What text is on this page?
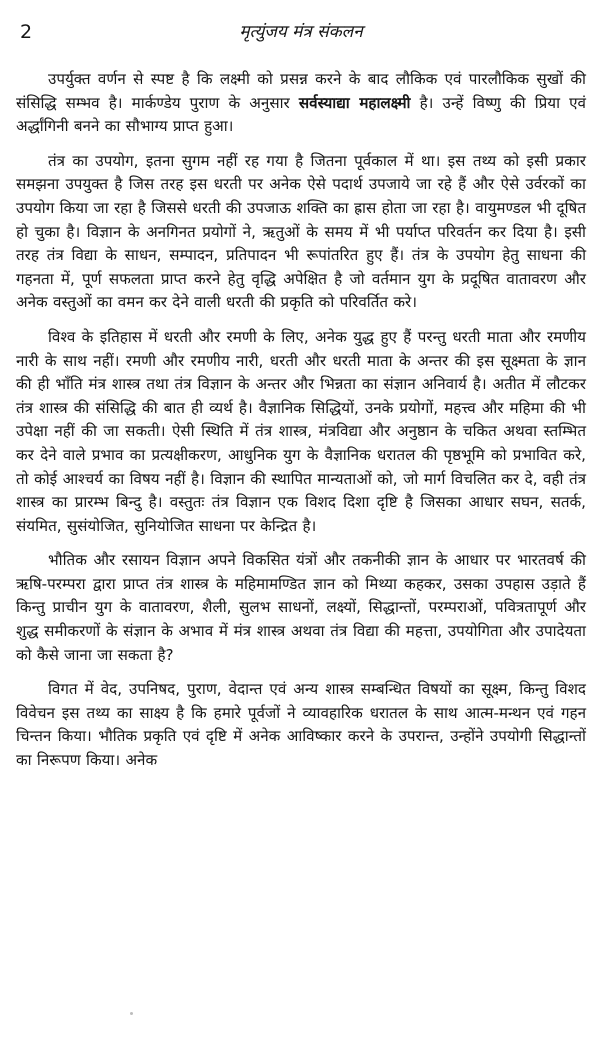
2	मृत्युंजय मंत्र संकलन

उपर्युक्त वर्णन से स्पष्ट है कि लक्ष्मी को प्रसन्न करने के बाद लौकिक एवं पारलौकिक सुखों की संसिद्धि सम्भव है। मार्कण्डेय पुराण के अनुसार सर्वस्याद्या महालक्ष्मी है। उन्हें विष्णु की प्रिया एवं अर्द्धांगिनी बनने का सौभाग्य प्राप्त हुआ।

तंत्र का उपयोग, इतना सुगम नहीं रह गया है जितना पूर्वकाल में था। इस तथ्य को इसी प्रकार समझना उपयुक्त है जिस तरह इस धरती पर अनेक ऐसे पदार्थ उपजाये जा रहे हैं और ऐसे उर्वरकों का उपयोग किया जा रहा है जिससे धरती की उपजाऊ शक्ति का ह्रास होता जा रहा है। वायुमण्डल भी दूषित हो चुका है। विज्ञान के अनगिनत प्रयोगों ने, ऋतुओं के समय में भी पर्याप्त परिवर्तन कर दिया है। इसी तरह तंत्र विद्या के साधन, सम्पादन, प्रतिपादन भी रूपांतरित हुए हैं। तंत्र के उपयोग हेतु साधना की गहनता में, पूर्ण सफलता प्राप्त करने हेतु वृद्धि अपेक्षित है जो वर्तमान युग के प्रदूषित वातावरण और अनेक वस्तुओं का वमन कर देने वाली धरती की प्रकृति को परिवर्तित करे।

विश्व के इतिहास में धरती और रमणी के लिए, अनेक युद्ध हुए हैं परन्तु धरती माता और रमणीय नारी के साथ नहीं। रमणी और रमणीय नारी, धरती और धरती माता के अन्तर की इस सूक्ष्मता के ज्ञान की ही भाँति मंत्र शास्त्र तथा तंत्र विज्ञान के अन्तर और भिन्नता का संज्ञान अनिवार्य है। अतीत में लौटकर तंत्र शास्त्र की संसिद्धि की बात ही व्यर्थ है। वैज्ञानिक सिद्धियों, उनके प्रयोगों, महत्त्व और महिमा की भी उपेक्षा नहीं की जा सकती। ऐसी स्थिति में तंत्र शास्त्र, मंत्रविद्या और अनुष्ठान के चकित अथवा स्तम्भित कर देने वाले प्रभाव का प्रत्यक्षीकरण, आधुनिक युग के वैज्ञानिक धरातल की पृष्ठभूमि को प्रभावित करे, तो कोई आश्चर्य का विषय नहीं है। विज्ञान की स्थापित मान्यताओं को, जो मार्ग विचलित कर दे, वही तंत्र शास्त्र का प्रारम्भ बिन्दु है। वस्तुतः तंत्र विज्ञान एक विशद दिशा दृष्टि है जिसका आधार सघन, सतर्क, संयमित, सुसंयोजित, सुनियोजित साधना पर केन्द्रित है।

भौतिक और रसायन विज्ञान अपने विकसित यंत्रों और तकनीकी ज्ञान के आधार पर भारतवर्ष की ऋषि-परम्परा द्वारा प्राप्त तंत्र शास्त्र के महिमामण्डित ज्ञान को मिथ्या कहकर, उसका उपहास उड़ाते हैं किन्तु प्राचीन युग के वातावरण, शैली, सुलभ साधनों, लक्ष्यों, सिद्धान्तों, परम्पराओं, पवित्रतापूर्ण और शुद्ध समीकरणों के संज्ञान के अभाव में मंत्र शास्त्र अथवा तंत्र विद्या की महत्ता, उपयोगिता और उपादेयता को कैसे जाना जा सकता है?

विगत में वेद, उपनिषद, पुराण, वेदान्त एवं अन्य शास्त्र सम्बन्धित विषयों का सूक्ष्म, किन्तु विशद विवेचन इस तथ्य का साक्ष्य है कि हमारे पूर्वजों ने व्यावहारिक धरातल के साथ आत्म-मन्थन एवं गहन चिन्तन किया। भौतिक प्रकृति एवं दृष्टि में अनेक आविष्कार करने के उपरान्त, उन्होंने उपयोगी सिद्धान्तों का निरूपण किया। अनेक
